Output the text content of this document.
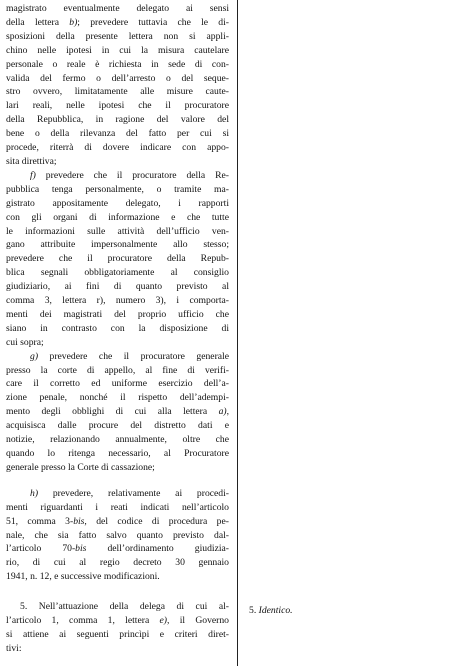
magistrato eventualmente delegato ai sensi
della lettera b); prevedere tuttavia che le di-
sposizioni della presente lettera non si appli-
chino nelle ipotesi in cui la misura cautelare
personale o reale è richiesta in sede di con-
valida del fermo o dell’arresto o del seque-
stro ovvero, limitatamente alle misure caute-
lari reali, nelle ipotesi che il procuratore
della Repubblica, in ragione del valore del
bene o della rilevanza del fatto per cui si
procede, riterrà di dovere indicare con appo-
sita direttiva;
f) prevedere che il procuratore della Re-
pubblica tenga personalmente, o tramite ma-
gistrato appositamente delegato, i rapporti
con gli organi di informazione e che tutte
le informazioni sulle attività dell’ufficio ven-
gano attribuite impersonalmente allo stesso;
prevedere che il procuratore della Repub-
blica segnali obbligatoriamente al consiglio
giudiziario, ai fini di quanto previsto al
comma 3, lettera r), numero 3), i comporta-
menti dei magistrati del proprio ufficio che
siano in contrasto con la disposizione di
cui sopra;
g) prevedere che il procuratore generale
presso la corte di appello, al fine di verifi-
care il corretto ed uniforme esercizio dell’a-
zione penale, nonché il rispetto dell’adempi-
mento degli obblighi di cui alla lettera a),
acquisisca dalle procure del distretto dati e
notizie, relazionando annualmente, oltre che
quando lo ritenga necessario, al Procuratore
generale presso la Corte di cassazione;
h) prevedere, relativamente ai procedi-
menti riguardanti i reati indicati nell’articolo
51, comma 3-bis, del codice di procedura pe-
nale, che sia fatto salvo quanto previsto dal-
l’articolo 70-bis dell’ordinamento giudizia-
rio, di cui al regio decreto 30 gennaio
1941, n. 12, e successive modificazioni.
5. Nell’attuazione della delega di cui al-
l’articolo 1, comma 1, lettera e), il Governo
si attiene ai seguenti princìpi e criteri diret-
tivi:
5. Identico.
